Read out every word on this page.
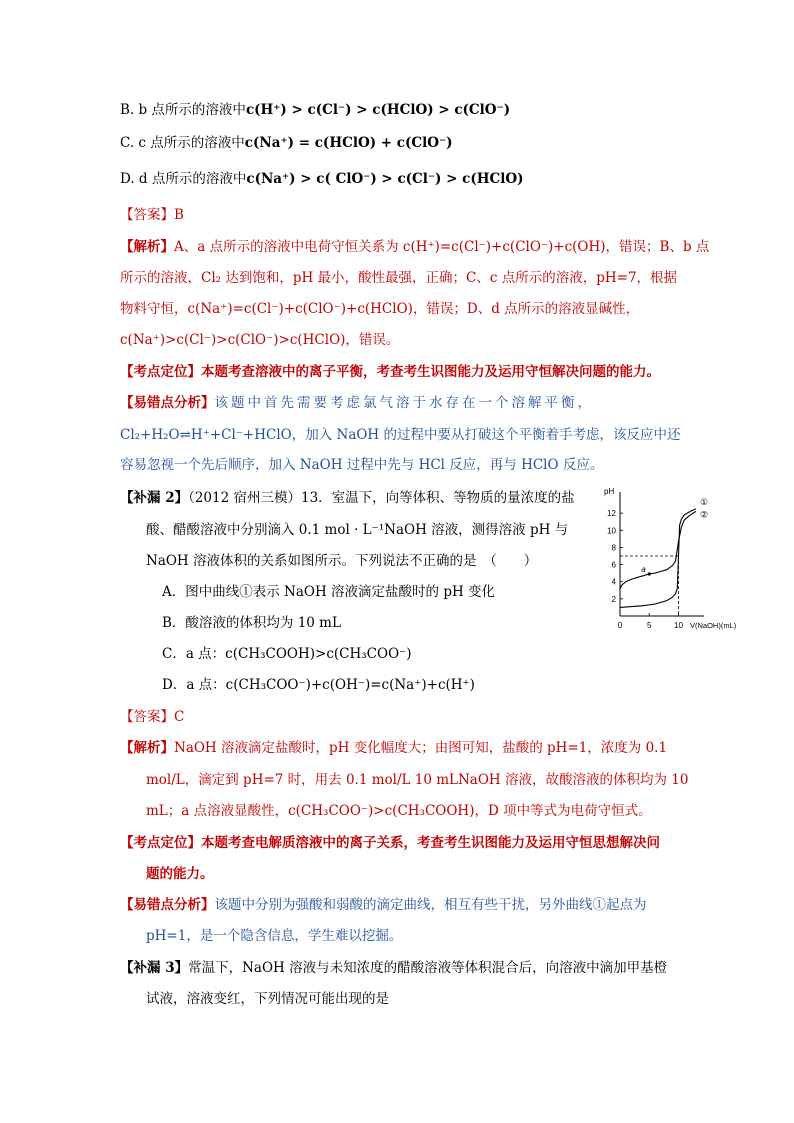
B. b 点所示的溶液中c(H⁺) > c(Cl⁻) > c(HClO) > c(ClO⁻)
C. c 点所示的溶液中c(Na⁺) = c(HClO) + c(ClO⁻)
D. d 点所示的溶液中c(Na⁺) > c( ClO⁻) > c(Cl⁻) > c(HClO)
【答案】B
【解析】A、a 点所示的溶液中电荷守恒关系为 c(H⁺)=c(Cl⁻)+c(ClO⁻)+c(OH)，错误；B、b 点
所示的溶液，Cl₂ 达到饱和，pH 最小，酸性最强，正确；C、c 点所示的溶液，pH=7，根据
物料守恒，c(Na⁺)=c(Cl⁻)+c(ClO⁻)+c(HClO)，错误；D、d 点所示的溶液显碱性，
c(Na⁺)>c(Cl⁻)>c(ClO⁻)>c(HClO)，错误。
【考点定位】本题考查溶液中的离子平衡，考查考生识图能力及运用守恒解决问题的能力。
【易错点分析】该题中首先需要考虑氯气溶于水存在一个溶解平衡，
Cl₂+H₂O⇌H⁺+Cl⁻+HClO，加入 NaOH 的过程中要从打破这个平衡着手考虑，该反应中还
容易忽视一个先后顺序，加入 NaOH 过程中先与 HCl 反应，再与 HClO 反应。
【补漏 2】（2012 宿州三模）13．室温下，向等体积、等物质的量浓度的盐
酸、醋酸溶液中分别滴入 0.1 mol · L⁻¹NaOH 溶液，测得溶液 pH 与
NaOH 溶液体积的关系如图所示。下列说法不正确的是　（　　）
A．图中曲线①表示 NaOH 溶液滴定盐酸时的 pH 变化
B．酸溶液的体积均为 10 mL
C．a 点：c(CH₃COOH)>c(CH₃COO⁻)
D．a 点：c(CH₃COO⁻)+c(OH⁻)=c(Na⁺)+c(H⁺)
pH
V(NaOH)(mL)
2
4
6
8
10
12
0	5	10
①
②
a
【答案】C
【解析】NaOH 溶液滴定盐酸时，pH 变化幅度大；由图可知，盐酸的 pH=1，浓度为 0.1
mol/L，滴定到 pH=7 时，用去 0.1 mol/L 10 mLNaOH 溶液，故酸溶液的体积均为 10
mL；a 点溶液显酸性，c(CH₃COO⁻)>c(CH₃COOH)，D 项中等式为电荷守恒式。
【考点定位】本题考查电解质溶液中的离子关系，考查考生识图能力及运用守恒思想解决问
题的能力。
【易错点分析】该题中分别为强酸和弱酸的滴定曲线，相互有些干扰，另外曲线①起点为
pH=1，是一个隐含信息，学生难以挖掘。
【补漏 3】常温下，NaOH 溶液与未知浓度的醋酸溶液等体积混合后，向溶液中滴加甲基橙
试液，溶液变红，下列情况可能出现的是
